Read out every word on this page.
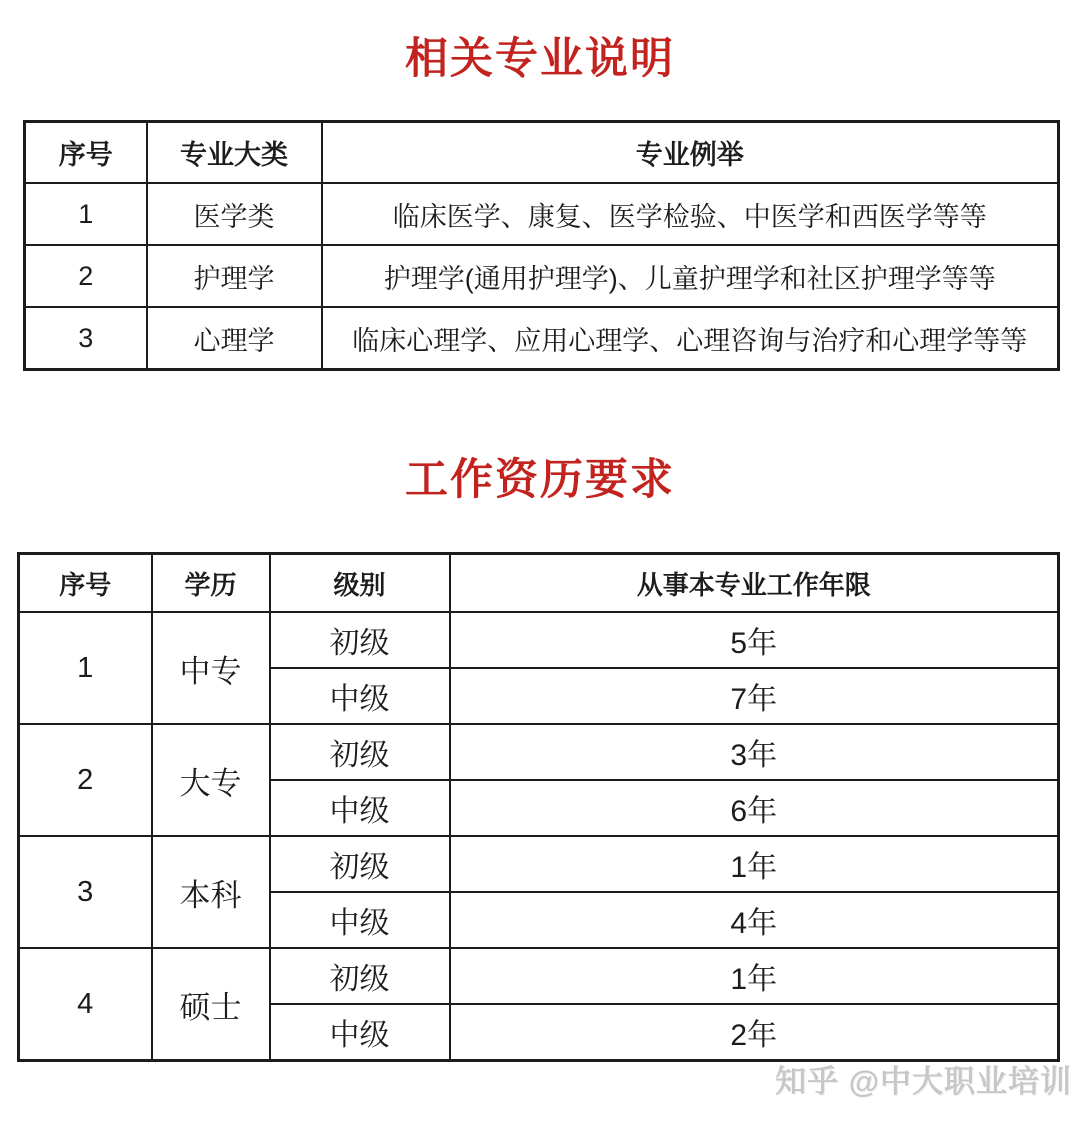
相关专业说明
序号	专业大类	专业例举
1	医学类	临床医学、康复、医学检验、中医学和西医学等等
2	护理学	护理学(通用护理学)、儿童护理学和社区护理学等等
3	心理学	临床心理学、应用心理学、心理咨询与治疗和心理学等等
工作资历要求
序号	学历	级别	从事本专业工作年限
1	中专	初级	5年
		中级	7年
2	大专	初级	3年
		中级	6年
3	本科	初级	1年
		中级	4年
4	硕士	初级	1年
		中级	2年
知乎 @中大职业培训
